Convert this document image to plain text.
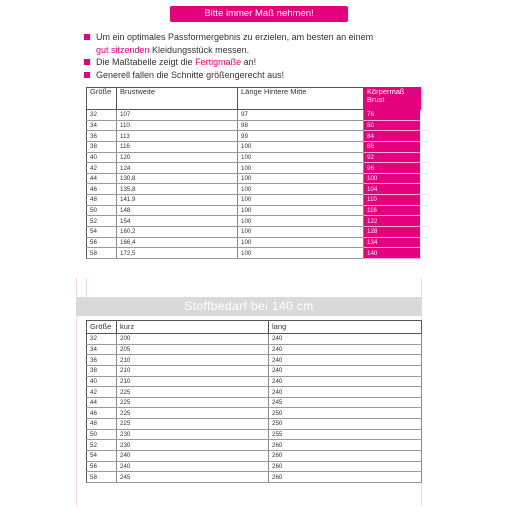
Bitte immer Maß nehmen!
Um ein optimales Passformergebnis zu erzielen, am besten an einem
gut sitzenden Kleidungsstück messen.
Die Maßtabelle zeigt die Fertigmaße an!
Generell fallen die Schnitte größengerecht aus!
Größe	Brustweite	Länge Hintere Mitte	Körpermaß Brust
32	107	97	76
34	110	98	80
36	113	99	84
38	116	100	88
40	120	100	92
42	124	100	96
44	130,8	100	100
46	135,8	100	104
48	141,9	100	110
50	148	100	116
52	154	100	122
54	160,2	100	128
56	166,4	100	134
58	172,5	100	140
Stoffbedarf bei 140 cm
Größe	kurz	lang
32	200	240
34	205	240
36	210	240
38	210	240
40	210	240
42	225	240
44	225	245
46	225	250
48	225	250
50	230	255
52	230	260
54	240	260
56	240	260
58	245	260
